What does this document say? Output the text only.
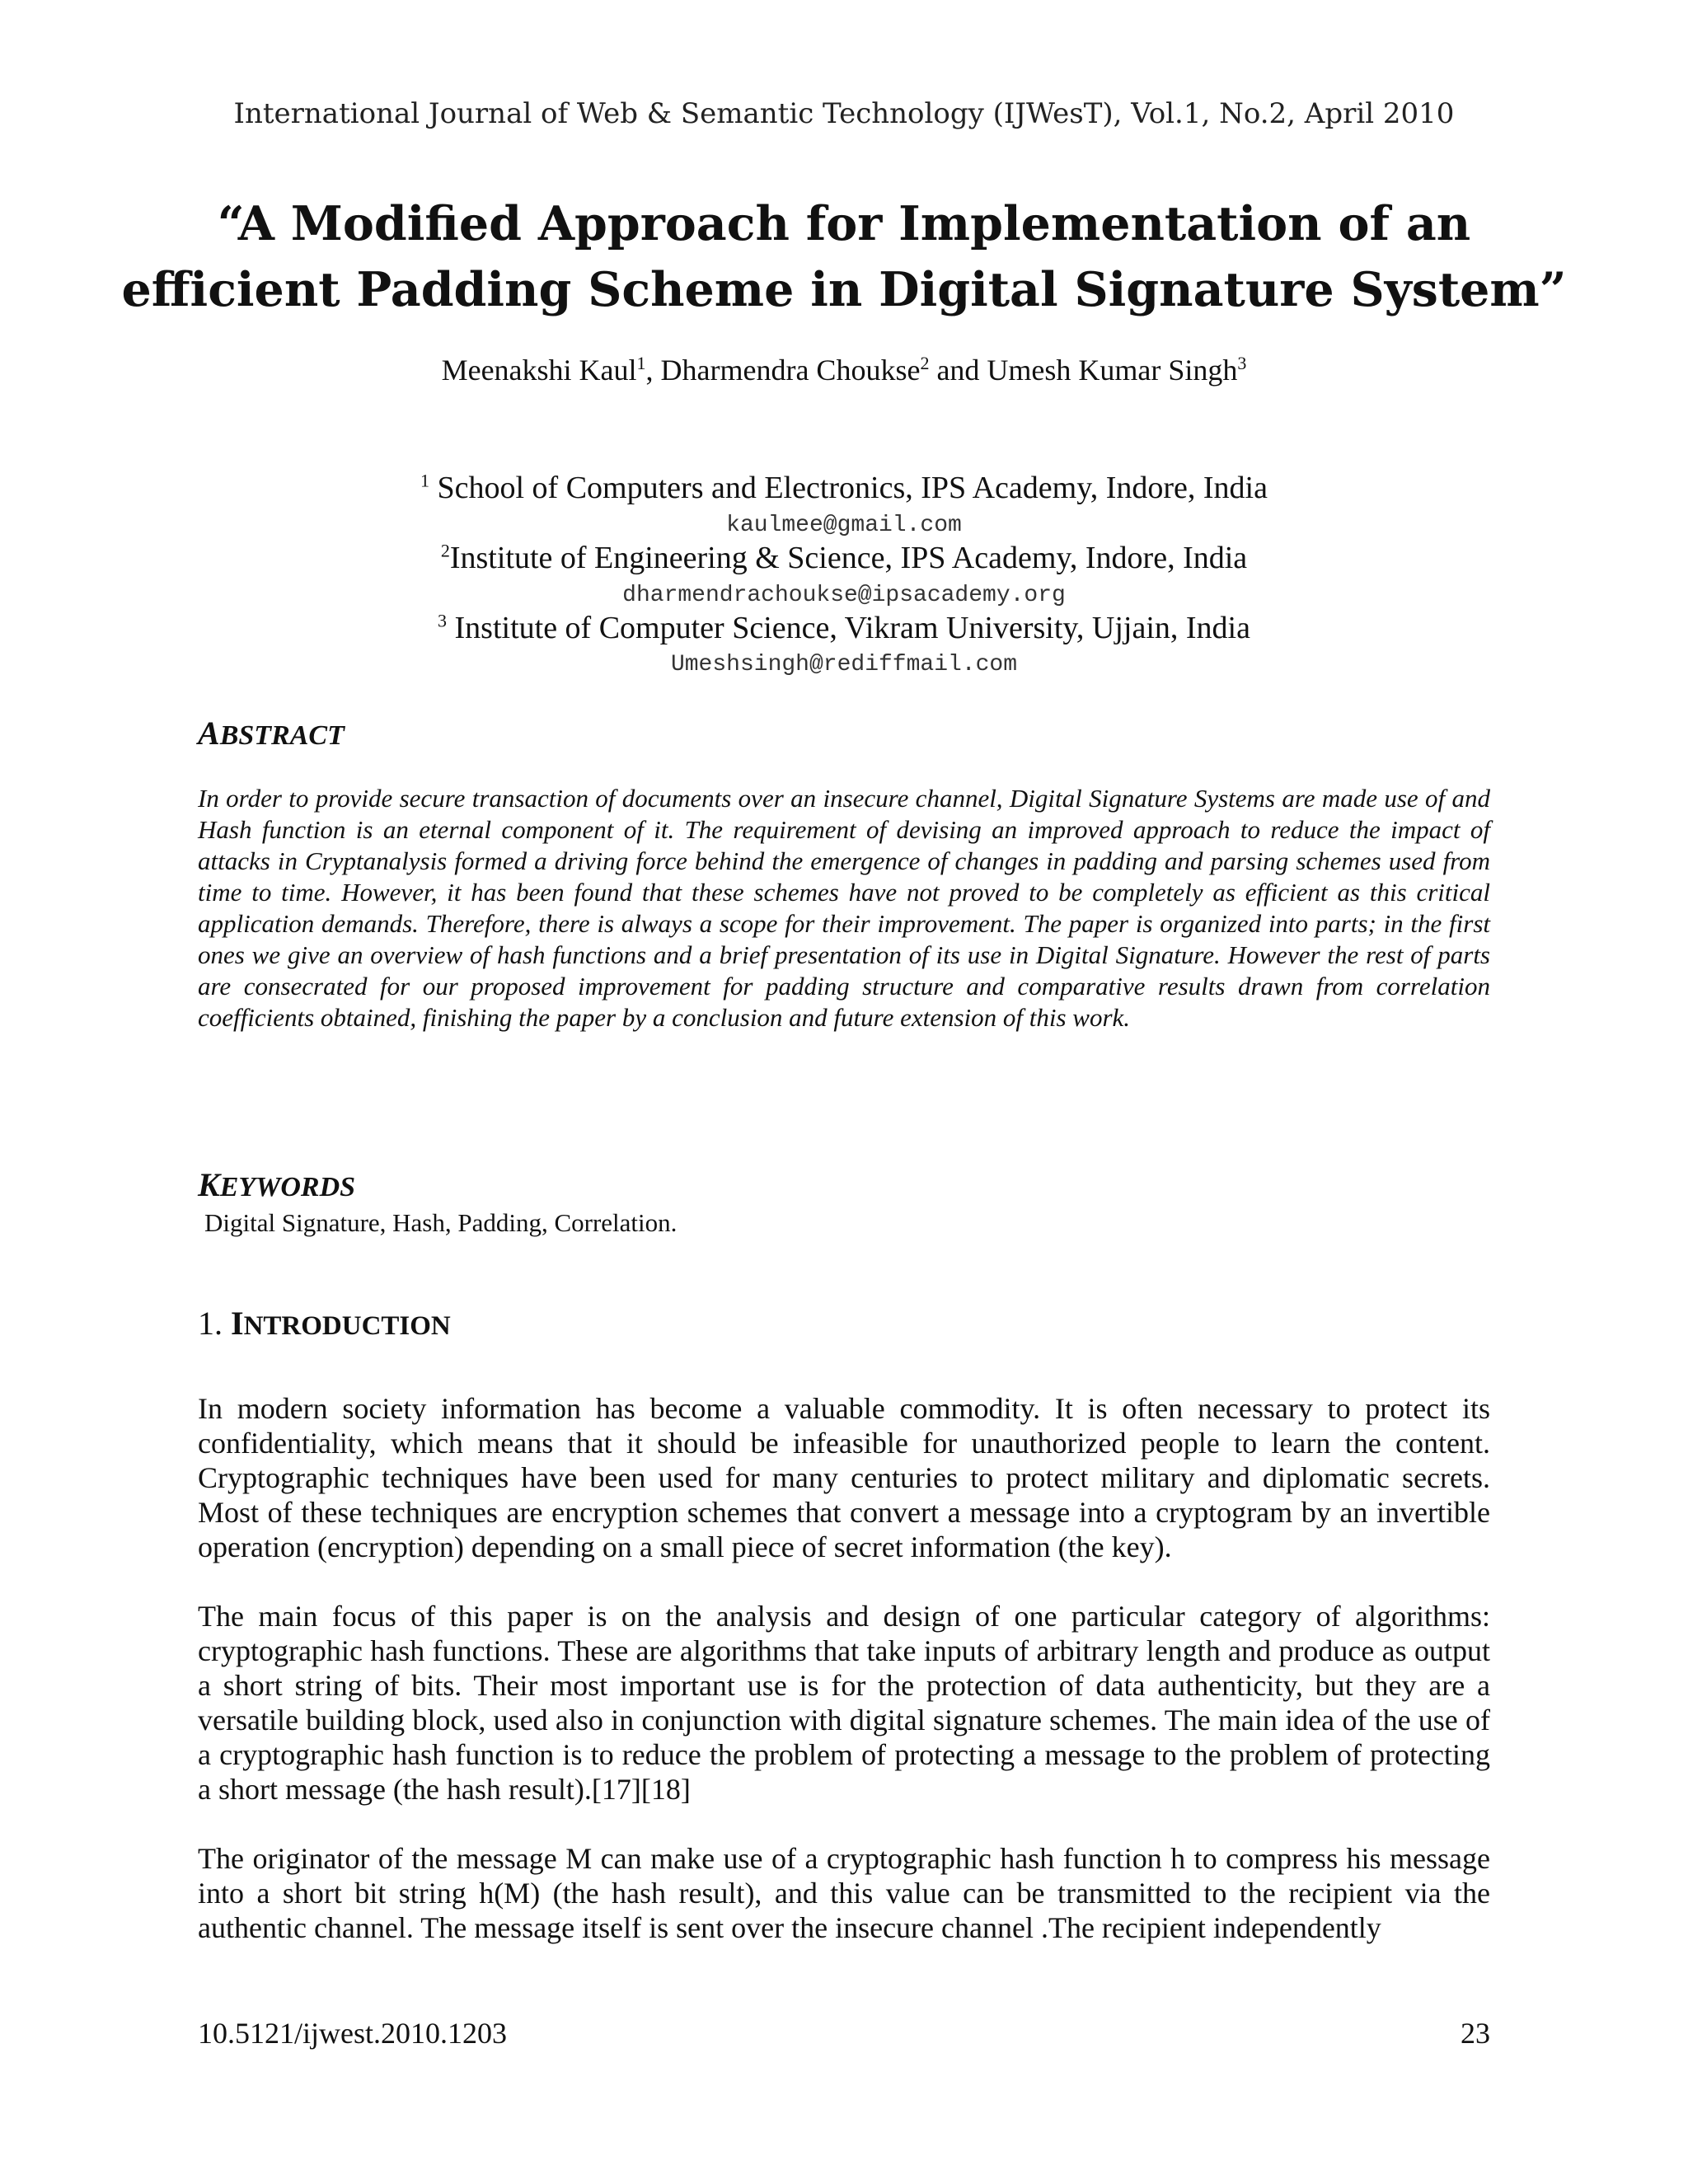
International Journal of Web & Semantic Technology (IJWesT), Vol.1, No.2, April 2010
“A Modified Approach for Implementation of an
efficient Padding Scheme in Digital Signature System”
Meenakshi Kaul$^1$, Dharmendra Choukse$^2$ and Umesh Kumar Singh$^3$
$^1$ School of Computers and Electronics, IPS Academy, Indore, India
kaulmee@gmail.com
$^2$Institute of Engineering & Science, IPS Academy, Indore, India
dharmendrachoukse@ipsacademy.org
$^3$ Institute of Computer Science, Vikram University, Ujjain, India
Umeshsingh@rediffmail.com
ABSTRACT
In order to provide secure transaction of documents over an insecure channel, Digital Signature Systems are made use of and Hash function is an eternal component of it. The requirement of devising an improved approach to reduce the impact of attacks in Cryptanalysis formed a driving force behind the emergence of changes in padding and parsing schemes used from time to time. However, it has been found that these schemes have not proved to be completely as efficient as this critical application demands. Therefore, there is always a scope for their improvement. The paper is organized into parts; in the first ones we give an overview of hash functions and a brief presentation of its use in Digital Signature. However the rest of parts are consecrated for our proposed improvement for padding structure and comparative results drawn from correlation coefficients obtained, finishing the paper by a conclusion and future extension of this work.
KEYWORDS
Digital Signature, Hash, Padding, Correlation.
1. INTRODUCTION

In modern society information has become a valuable commodity. It is often necessary to protect its confidentiality, which means that it should be infeasible for unauthorized people to learn the content. Cryptographic techniques have been used for many centuries to protect military and diplomatic secrets. Most of these techniques are encryption schemes that convert a message into a cryptogram by an invertible operation (encryption) depending on a small piece of secret information (the key).

The main focus of this paper is on the analysis and design of one particular category of algorithms: cryptographic hash functions. These are algorithms that take inputs of arbitrary length and produce as output a short string of bits. Their most important use is for the protection of data authenticity, but they are a versatile building block, used also in conjunction with digital signature schemes. The main idea of the use of a cryptographic hash function is to reduce the problem of protecting a message to the problem of protecting a short message (the hash result).[17][18]

The originator of the message M can make use of a cryptographic hash function h to compress his message into a short bit string h(M) (the hash result), and this value can be transmitted to the recipient via the authentic channel. The message itself is sent over the insecure channel .The recipient independently

10.5121/ijwest.2010.1203	23
